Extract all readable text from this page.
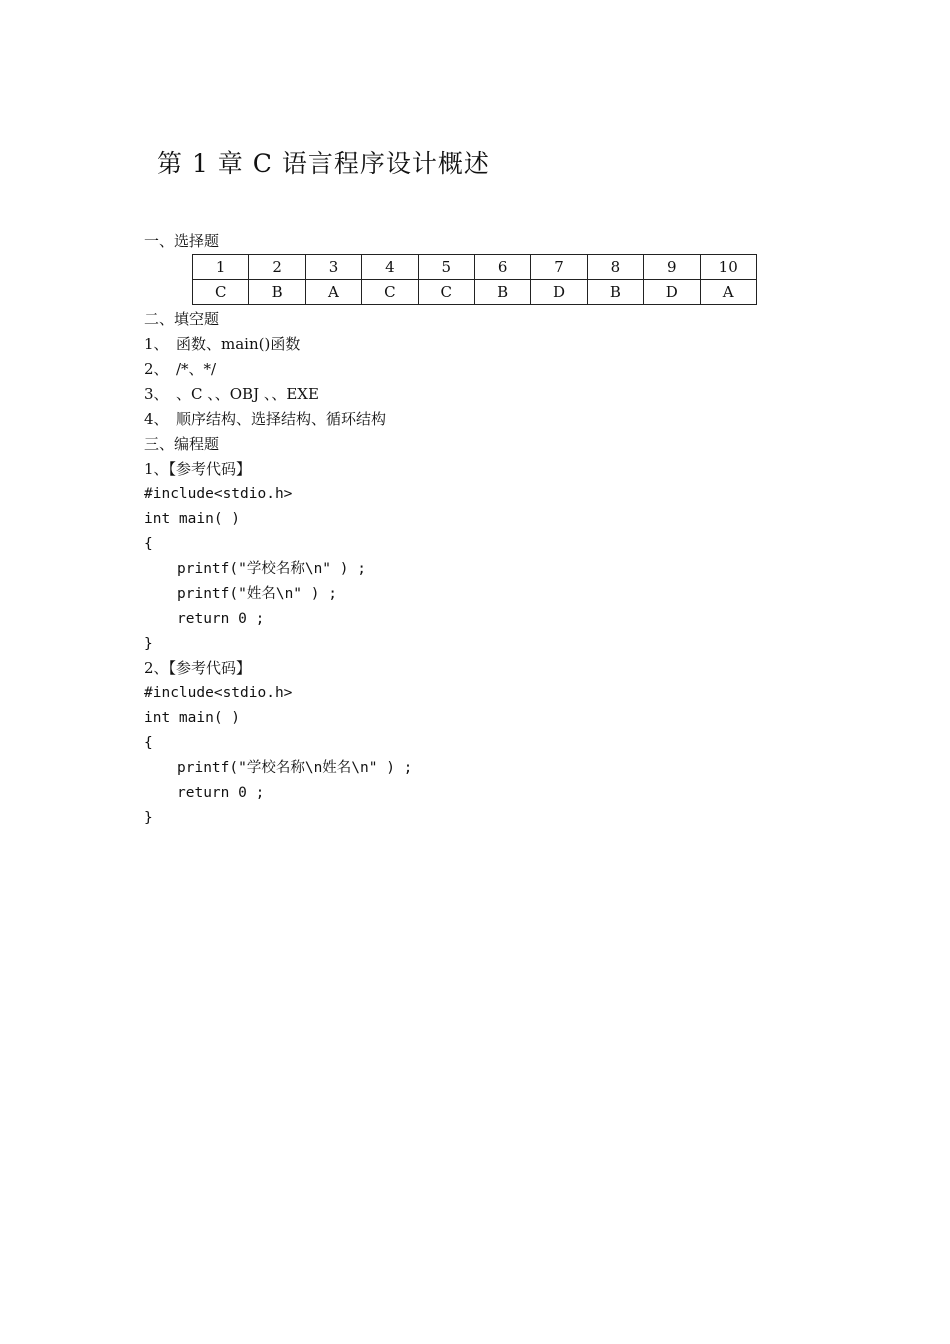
第 1 章 C 语言程序设计概述
一、选择题
1	2	3	4	5	6	7	8	9	10
C	B	A	C	C	B	D	B	D	A
二、填空题
1、 函数、main()函数
2、 /*、*/
3、 、C 、、OBJ 、、EXE
4、 顺序结构、选择结构、循环结构
三、编程题
1、【参考代码】
#include<stdio.h>
int main( )
{
printf("学校名称\n" ) ;
printf("姓名\n" ) ;
return 0 ;
}
2、【参考代码】
#include<stdio.h>
int main( )
{
printf("学校名称\n姓名\n" ) ;
return 0 ;
}
